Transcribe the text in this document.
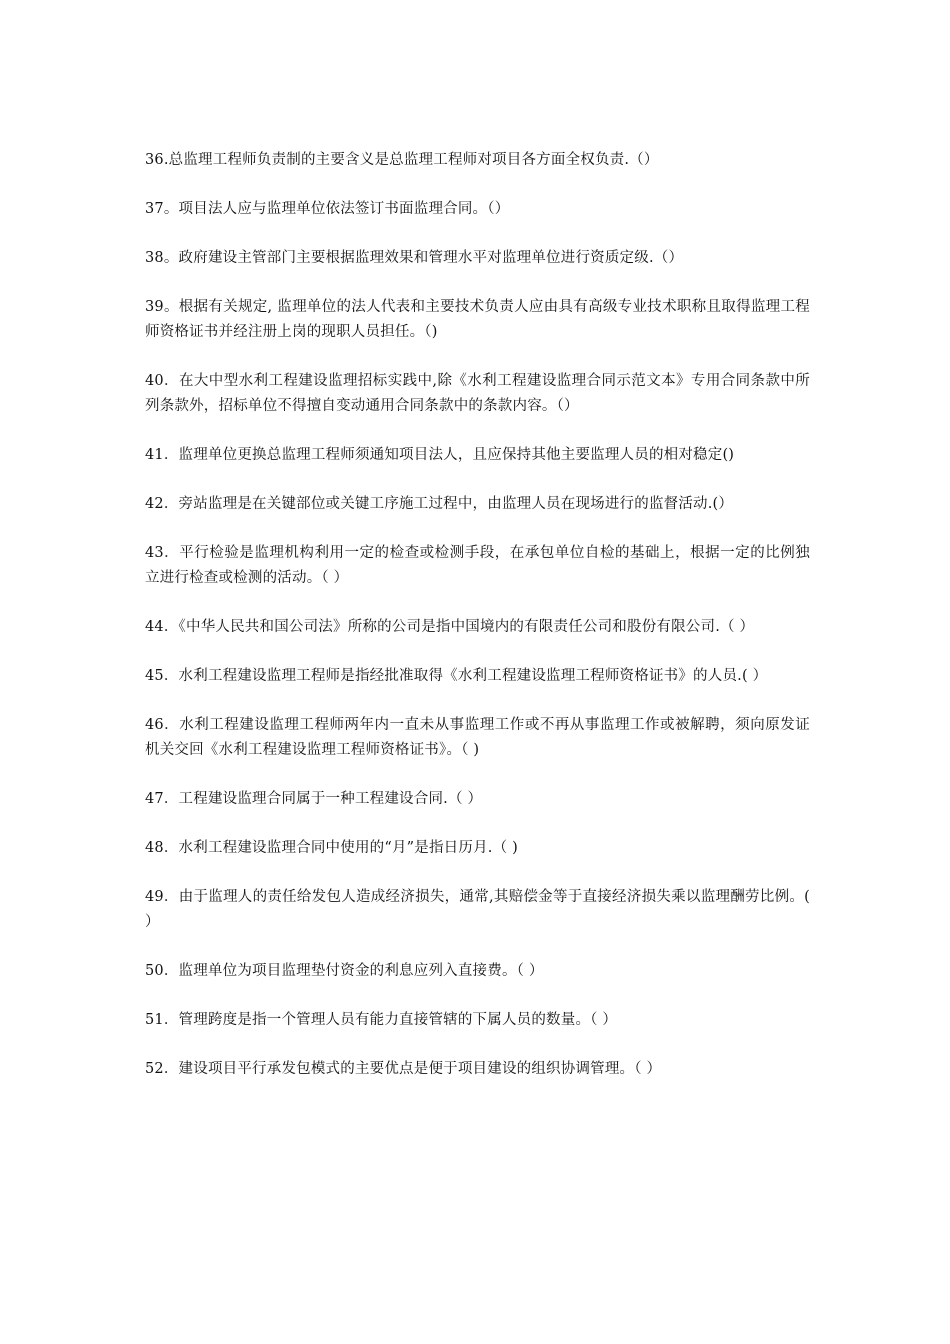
36.总监理工程师负责制的主要含义是总监理工程师对项目各方面全权负责.（）

37。项目法人应与监理单位依法签订书面监理合同。（）

38。政府建设主管部门主要根据监理效果和管理水平对监理单位进行资质定级.（）

39。根据有关规定, 监理单位的法人代表和主要技术负责人应由具有高级专业技术职称且取得监理工程师资格证书并经注册上岗的现职人员担任。（)

40．在大中型水利工程建设监理招标实践中,除《水利工程建设监理合同示范文本》专用合同条款中所列条款外，招标单位不得擅自变动通用合同条款中的条款内容。（）

41．监理单位更换总监理工程师须通知项目法人，且应保持其他主要监理人员的相对稳定()

42．旁站监理是在关键部位或关键工序施工过程中，由监理人员在现场进行的监督活动.(）

43．平行检验是监理机构利用一定的检查或检测手段，在承包单位自检的基础上，根据一定的比例独立进行检查或检测的活动。（ ）

44．《中华人民共和国公司法》所称的公司是指中国境内的有限责任公司和股份有限公司.（ ）

45．水利工程建设监理工程师是指经批准取得《水利工程建设监理工程师资格证书》的人员.( ）

46．水利工程建设监理工程师两年内一直未从事监理工作或不再从事监理工作或被解聘，须向原发证机关交回《水利工程建设监理工程师资格证书》。（ )

47．工程建设监理合同属于一种工程建设合同.（ ）

48．水利工程建设监理合同中使用的“月”是指日历月.（ )

49．由于监理人的责任给发包人造成经济损失，通常,其赔偿金等于直接经济损失乘以监理酬劳比例。( ）

50．监理单位为项目监理垫付资金的利息应列入直接费。（ ）

51．管理跨度是指一个管理人员有能力直接管辖的下属人员的数量。（ ）

52．建设项目平行承发包模式的主要优点是便于项目建设的组织协调管理。（ ）
